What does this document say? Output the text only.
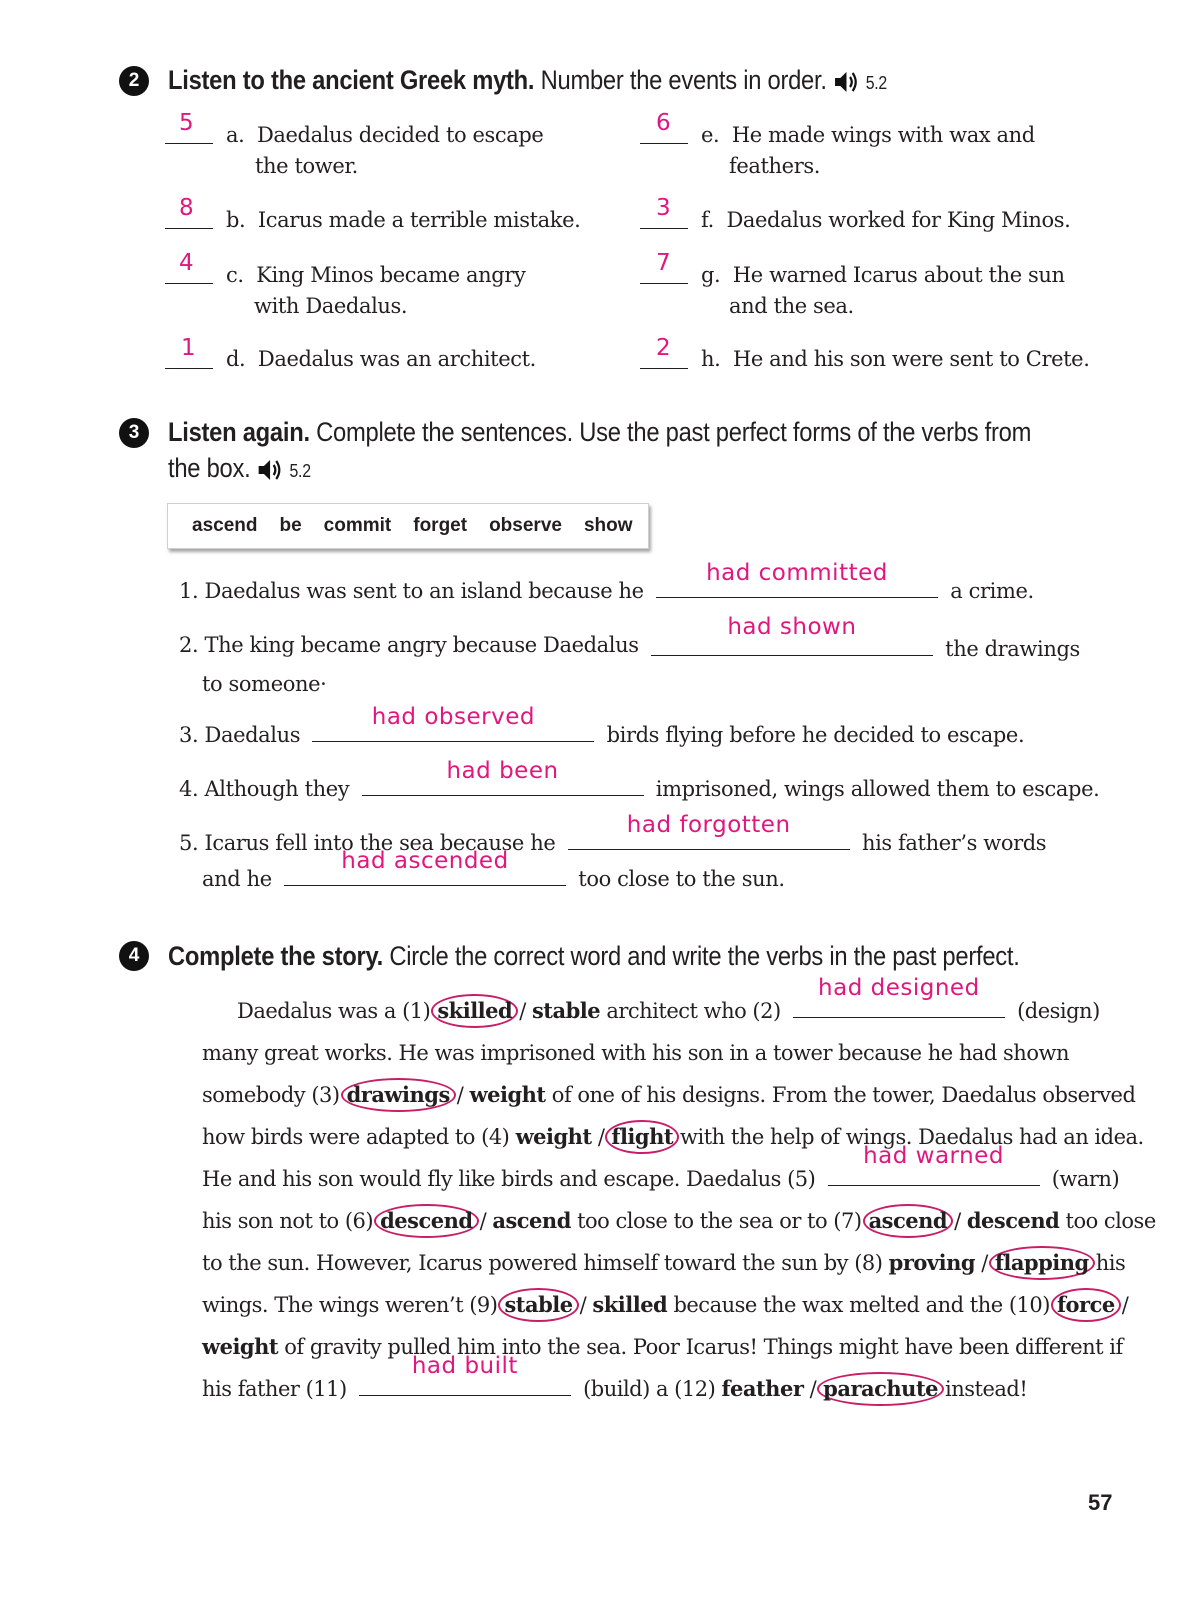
2 Listen to the ancient Greek myth. Number the events in order. 5.2
5 a. Daedalus decided to escape
the tower.
8 b. Icarus made a terrible mistake.
4 c. King Minos became angry
with Daedalus.
1 d. Daedalus was an architect.
6 e. He made wings with wax and
feathers.
3 f. Daedalus worked for King Minos.
7 g. He warned Icarus about the sun
and the sea.
2 h. He and his son were sent to Crete.
3 Listen again. Complete the sentences. Use the past perfect forms of the verbs from
the box. 5.2
ascend be commit forget observe show
1. Daedalus was sent to an island because he
had committed
a crime.
2. The king became angry because Daedalus
had shown
the drawings
to someone·
3. Daedalus
had observed
birds flying before he decided to escape.
4. Although they
had been
imprisoned, wings allowed them to escape.
5. Icarus fell into the sea because he
had forgotten
his father’s words
and he
had ascended
too close to the sun.
4 Complete the story. Circle the correct word and write the verbs in the past perfect.
Daedalus was a (1) skilled / stable architect who (2)
had designed
(design)
many great works. He was imprisoned with his son in a tower because he had shown
somebody (3) drawings / weight of one of his designs. From the tower, Daedalus observed
how birds were adapted to (4) weight / flight with the help of wings. Daedalus had an idea.
He and his son would fly like birds and escape. Daedalus (5)
had warned
(warn)
his son not to (6) descend / ascend too close to the sea or to (7) ascend / descend too close
to the sun. However, Icarus powered himself toward the sun by (8) proving / flapping his
wings. The wings weren’t (9) stable / skilled because the wax melted and the (10) force /
weight of gravity pulled him into the sea. Poor Icarus! Things might have been different if
his father (11)
had built
(build) a (12) feather / parachute instead!
57
